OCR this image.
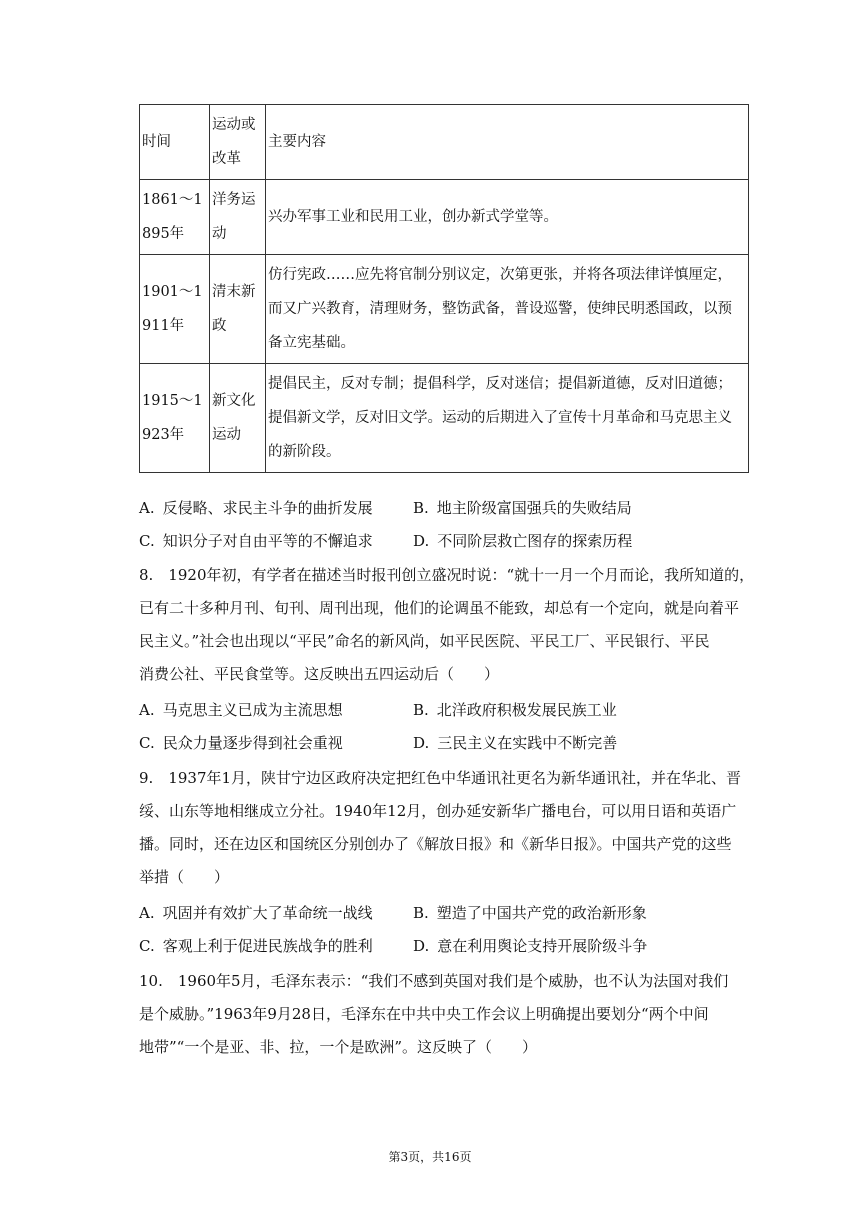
时间	运动或改革	主要内容
1861～1895年	洋务运动	兴办军事工业和民用工业，创办新式学堂等。
1901～1911年	清末新政	仿行宪政……应先将官制分别议定，次第更张，并将各项法律详慎厘定，而又广兴教育，清理财务，整饬武备，普设巡警，使绅民明悉国政，以预备立宪基础。
1915～1923年	新文化运动	提倡民主，反对专制；提倡科学，反对迷信；提倡新道德，反对旧道德；提倡新文学，反对旧文学。运动的后期进入了宣传十月革命和马克思主义的新阶段。
A. 反侵略、求民主斗争的曲折发展	B. 地主阶级富国强兵的失败结局
C. 知识分子对自由平等的不懈追求	D. 不同阶层救亡图存的探索历程
8.　1920年初，有学者在描述当时报刊创立盛况时说：“就十一月一个月而论，我所知道的，
已有二十多种月刊、旬刊、周刊出现，他们的论调虽不能致，却总有一个定向，就是向着平
民主义。”社会也出现以“平民”命名的新风尚，如平民医院、平民工厂、平民银行、平民
消费公社、平民食堂等。这反映出五四运动后（　　）
A. 马克思主义已成为主流思想	B. 北洋政府积极发展民族工业
C. 民众力量逐步得到社会重视	D. 三民主义在实践中不断完善
9.　1937年1月，陕甘宁边区政府决定把红色中华通讯社更名为新华通讯社，并在华北、晋
绥、山东等地相继成立分社。1940年12月，创办延安新华广播电台，可以用日语和英语广
播。同时，还在边区和国统区分别创办了《解放日报》和《新华日报》。中国共产党的这些
举措（　　）
A. 巩固并有效扩大了革命统一战线	B. 塑造了中国共产党的政治新形象
C. 客观上利于促进民族战争的胜利	D. 意在利用舆论支持开展阶级斗争
10.　1960年5月，毛泽东表示：“我们不感到英国对我们是个威胁，也不认为法国对我们
是个威胁。”1963年9月28日，毛泽东在中共中央工作会议上明确提出要划分“两个中间
地带”“一个是亚、非、拉，一个是欧洲”。这反映了（　　）
第3页，共16页
